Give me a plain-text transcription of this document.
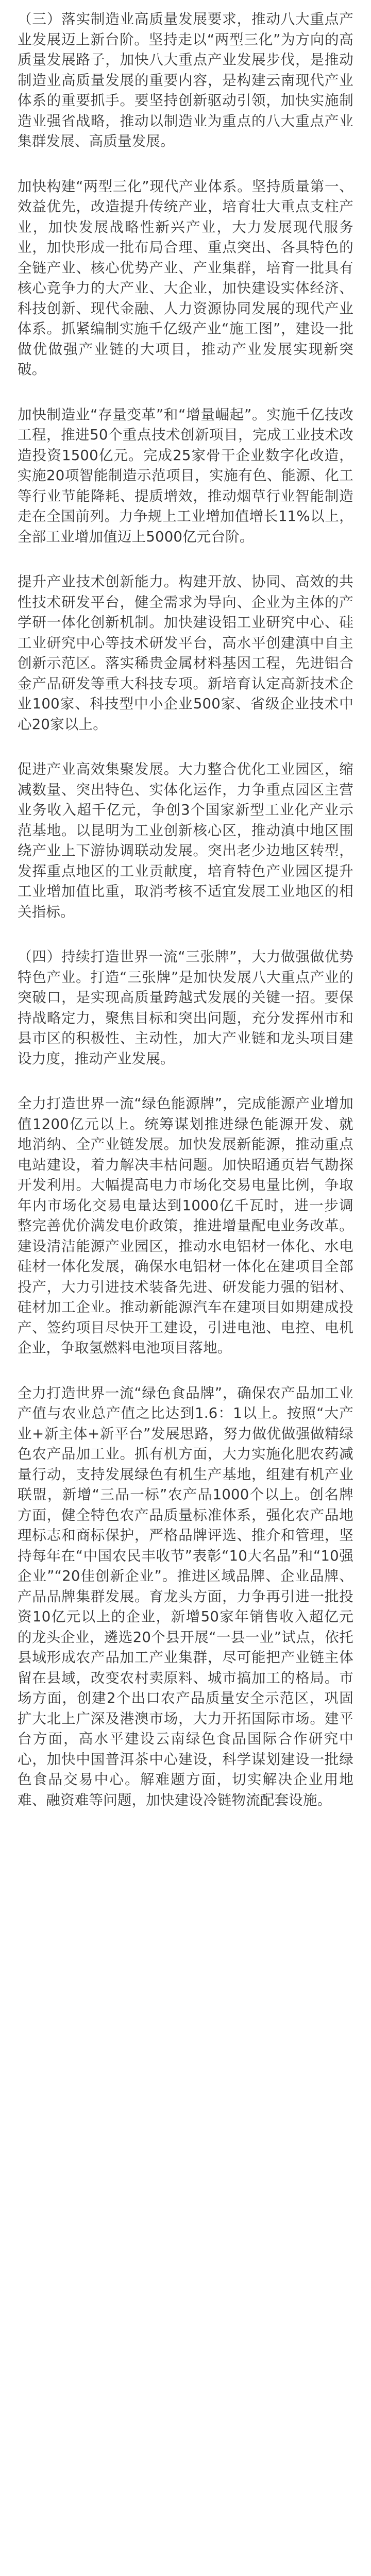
（三）落实制造业高质量发展要求，推动八大重点产业发展迈上新台阶。坚持走以“两型三化”为方向的高质量发展路子，加快八大重点产业发展步伐，是推动制造业高质量发展的重要内容，是构建云南现代产业体系的重要抓手。要坚持创新驱动引领，加快实施制造业强省战略，推动以制造业为重点的八大重点产业集群发展、高质量发展。

加快构建“两型三化”现代产业体系。坚持质量第一、效益优先，改造提升传统产业，培育壮大重点支柱产业，加快发展战略性新兴产业，大力发展现代服务业，加快形成一批布局合理、重点突出、各具特色的全链产业、核心优势产业、产业集群，培育一批具有核心竞争力的大产业、大企业，加快建设实体经济、科技创新、现代金融、人力资源协同发展的现代产业体系。抓紧编制实施千亿级产业“施工图”，建设一批做优做强产业链的大项目，推动产业发展实现新突破。

加快制造业“存量变革”和“增量崛起”。实施千亿技改工程，推进50个重点技术创新项目，完成工业技术改造投资1500亿元。完成25家骨干企业数字化改造，实施20项智能制造示范项目，实施有色、能源、化工等行业节能降耗、提质增效，推动烟草行业智能制造走在全国前列。力争规上工业增加值增长11%以上，全部工业增加值迈上5000亿元台阶。

提升产业技术创新能力。构建开放、协同、高效的共性技术研发平台，健全需求为导向、企业为主体的产学研一体化创新机制。加快建设铝工业研究中心、硅工业研究中心等技术研发平台，高水平创建滇中自主创新示范区。落实稀贵金属材料基因工程，先进铝合金产品研发等重大科技专项。新培育认定高新技术企业100家、科技型中小企业500家、省级企业技术中心20家以上。

促进产业高效集聚发展。大力整合优化工业园区，缩减数量、突出特色、实体化运作，力争重点园区主营业务收入超千亿元，争创3个国家新型工业化产业示范基地。以昆明为工业创新核心区，推动滇中地区围绕产业上下游协调联动发展。突出老少边地区转型，发挥重点地区的工业贡献度，培育特色产业园区提升工业增加值比重，取消考核不适宜发展工业地区的相关指标。

（四）持续打造世界一流“三张牌”，大力做强做优势特色产业。打造“三张牌”是加快发展八大重点产业的突破口，是实现高质量跨越式发展的关键一招。要保持战略定力，聚焦目标和突出问题，充分发挥州市和县市区的积极性、主动性，加大产业链和龙头项目建设力度，推动产业发展。

全力打造世界一流“绿色能源牌”，完成能源产业增加值1200亿元以上。统筹谋划推进绿色能源开发、就地消纳、全产业链发展。加快发展新能源，推动重点电站建设，着力解决丰枯问题。加快昭通页岩气勘探开发利用。大幅提高电力市场化交易电量比例，争取年内市场化交易电量达到1000亿千瓦时，进一步调整完善优价满发电价政策，推进增量配电业务改革。建设清洁能源产业园区，推动水电铝材一体化、水电硅材一体化发展，确保水电铝材一体化在建项目全部投产，大力引进技术装备先进、研发能力强的铝材、硅材加工企业。推动新能源汽车在建项目如期建成投产、签约项目尽快开工建设，引进电池、电控、电机企业，争取氢燃料电池项目落地。

全力打造世界一流“绿色食品牌”，确保农产品加工业产值与农业总产值之比达到1.6：1以上。按照“大产业+新主体+新平台”发展思路，努力做优做强做精绿色农产品加工业。抓有机方面，大力实施化肥农药减量行动，支持发展绿色有机生产基地，组建有机产业联盟，新增“三品一标”农产品1000个以上。创名牌方面，健全特色农产品质量标准体系，强化农产品地理标志和商标保护，严格品牌评选、推介和管理，坚持每年在“中国农民丰收节”表彰“10大名品”和“10强企业”“20佳创新企业”。推进区域品牌、企业品牌、产品品牌集群发展。育龙头方面，力争再引进一批投资10亿元以上的企业，新增50家年销售收入超亿元的龙头企业，遴选20个县开展“一县一业”试点，依托县域形成农产品加工产业集群，尽可能把产业链主体留在县域，改变农村卖原料、城市搞加工的格局。市场方面，创建2个出口农产品质量安全示范区，巩固扩大北上广深及港澳市场，大力开拓国际市场。建平台方面，高水平建设云南绿色食品国际合作研究中心，加快中国普洱茶中心建设，科学谋划建设一批绿色食品交易中心。解难题方面，切实解决企业用地难、融资难等问题，加快建设冷链物流配套设施。
